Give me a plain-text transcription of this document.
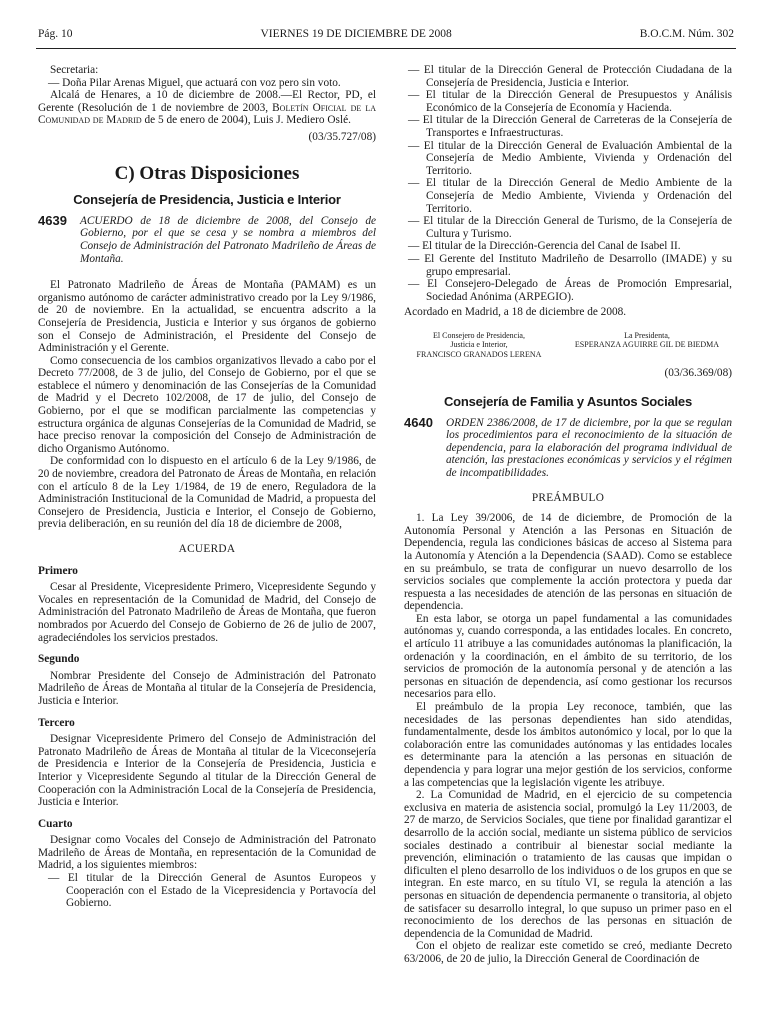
Pág. 10	VIERNES 19 DE DICIEMBRE DE 2008	B.O.C.M. Núm. 302

Secretaria:

— Doña Pilar Arenas Miguel, que actuará con voz pero sin voto.

Alcalá de Henares, a 10 de diciembre de 2008.—El Rector, PD, el Gerente (Resolución de 1 de noviembre de 2003, Boletín Oficial de la Comunidad de Madrid de 5 de enero de 2004), Luis J. Mediero Oslé.

(03/35.727/08)

C) Otras Disposiciones
Consejería de Presidencia, Justicia e Interior
4639	ACUERDO de 18 de diciembre de 2008, del Consejo de Gobierno, por el que se cesa y se nombra a miembros del Consejo de Administración del Patronato Madrileño de Áreas de Montaña.

El Patronato Madrileño de Áreas de Montaña (PAMAM) es un organismo autónomo de carácter administrativo creado por la Ley 9/1986, de 20 de noviembre. En la actualidad, se encuentra adscrito a la Consejería de Presidencia, Justicia e Interior y sus órganos de gobierno son el Consejo de Administración, el Presidente del Consejo de Administración y el Gerente.

Como consecuencia de los cambios organizativos llevado a cabo por el Decreto 77/2008, de 3 de julio, del Consejo de Gobierno, por el que se establece el número y denominación de las Consejerías de la Comunidad de Madrid y el Decreto 102/2008, de 17 de julio, del Consejo de Gobierno, por el que se modifican parcialmente las competencias y estructura orgánica de algunas Consejerías de la Comunidad de Madrid, se hace preciso renovar la composición del Consejo de Administración de dicho Organismo Autónomo.

De conformidad con lo dispuesto en el artículo 6 de la Ley 9/1986, de 20 de noviembre, creadora del Patronato de Áreas de Montaña, en relación con el artículo 8 de la Ley 1/1984, de 19 de enero, Reguladora de la Administración Institucional de la Comunidad de Madrid, a propuesta del Consejero de Presidencia, Justicia e Interior, el Consejo de Gobierno, previa deliberación, en su reunión del día 18 de diciembre de 2008,

ACUERDA

Primero

Cesar al Presidente, Vicepresidente Primero, Vicepresidente Segundo y Vocales en representación de la Comunidad de Madrid, del Consejo de Administración del Patronato Madrileño de Áreas de Montaña, que fueron nombrados por Acuerdo del Consejo de Gobierno de 26 de julio de 2007, agradeciéndoles los servicios prestados.

Segundo

Nombrar Presidente del Consejo de Administración del Patronato Madrileño de Áreas de Montaña al titular de la Consejería de Presidencia, Justicia e Interior.

Tercero

Designar Vicepresidente Primero del Consejo de Administración del Patronato Madrileño de Áreas de Montaña al titular de la Viceconsejería de Presidencia e Interior de la Consejería de Presidencia, Justicia e Interior y Vicepresidente Segundo al titular de la Dirección General de Cooperación con la Administración Local de la Consejería de Presidencia, Justicia e Interior.

Cuarto

Designar como Vocales del Consejo de Administración del Patronato Madrileño de Áreas de Montaña, en representación de la Comunidad de Madrid, a los siguientes miembros:

— El titular de la Dirección General de Asuntos Europeos y Cooperación con el Estado de la Vicepresidencia y Portavocía del Gobierno.

— El titular de la Dirección General de Protección Ciudadana de la Consejería de Presidencia, Justicia e Interior.

— El titular de la Dirección General de Presupuestos y Análisis Económico de la Consejería de Economía y Hacienda.

— El titular de la Dirección General de Carreteras de la Consejería de Transportes e Infraestructuras.

— El titular de la Dirección General de Evaluación Ambiental de la Consejería de Medio Ambiente, Vivienda y Ordenación del Territorio.

— El titular de la Dirección General de Medio Ambiente de la Consejería de Medio Ambiente, Vivienda y Ordenación del Territorio.

— El titular de la Dirección General de Turismo, de la Consejería de Cultura y Turismo.

— El titular de la Dirección-Gerencia del Canal de Isabel II.

— El Gerente del Instituto Madrileño de Desarrollo (IMADE) y su grupo empresarial.

— El Consejero-Delegado de Áreas de Promoción Empresarial, Sociedad Anónima (ARPEGIO).

Acordado en Madrid, a 18 de diciembre de 2008.

El Consejero de Presidencia,
Justicia e Interior,
FRANCISCO GRANADOS LERENA
La Presidenta,
ESPERANZA AGUIRRE GIL DE BIEDMA

(03/36.369/08)

Consejería de Familia y Asuntos Sociales
4640	ORDEN 2386/2008, de 17 de diciembre, por la que se regulan los procedimientos para el reconocimiento de la situación de dependencia, para la elaboración del programa individual de atención, las prestaciones económicas y servicios y el régimen de incompatibilidades.
PREÁMBULO

1. La Ley 39/2006, de 14 de diciembre, de Promoción de la Autonomía Personal y Atención a las Personas en Situación de Dependencia, regula las condiciones básicas de acceso al Sistema para la Autonomía y Atención a la Dependencia (SAAD). Como se establece en su preámbulo, se trata de configurar un nuevo desarrollo de los servicios sociales que complemente la acción protectora y pueda dar respuesta a las necesidades de atención de las personas en situación de dependencia.

En esta labor, se otorga un papel fundamental a las comunidades autónomas y, cuando corresponda, a las entidades locales. En concreto, el artículo 11 atribuye a las comunidades autónomas la planificación, la ordenación y la coordinación, en el ámbito de su territorio, de los servicios de promoción de la autonomía personal y de atención a las personas en situación de dependencia, así como gestionar los recursos necesarios para ello.

El preámbulo de la propia Ley reconoce, también, que las necesidades de las personas dependientes han sido atendidas, fundamentalmente, desde los ámbitos autonómico y local, por lo que la colaboración entre las comunidades autónomas y las entidades locales es determinante para la atención a las personas en situación de dependencia y para lograr una mejor gestión de los servicios, conforme a las competencias que la legislación vigente les atribuye.

2. La Comunidad de Madrid, en el ejercicio de su competencia exclusiva en materia de asistencia social, promulgó la Ley 11/2003, de 27 de marzo, de Servicios Sociales, que tiene por finalidad garantizar el desarrollo de la acción social, mediante un sistema público de servicios sociales destinado a contribuir al bienestar social mediante la prevención, eliminación o tratamiento de las causas que impidan o dificulten el pleno desarrollo de los individuos o de los grupos en que se integran. En este marco, en su título VI, se regula la atención a las personas en situación de dependencia permanente o transitoria, al objeto de satisfacer su desarrollo integral, lo que supuso un primer paso en el reconocimiento de los derechos de las personas en situación de dependencia de la Comunidad de Madrid.

Con el objeto de realizar este cometido se creó, mediante Decreto 63/2006, de 20 de julio, la Dirección General de Coordinación de
